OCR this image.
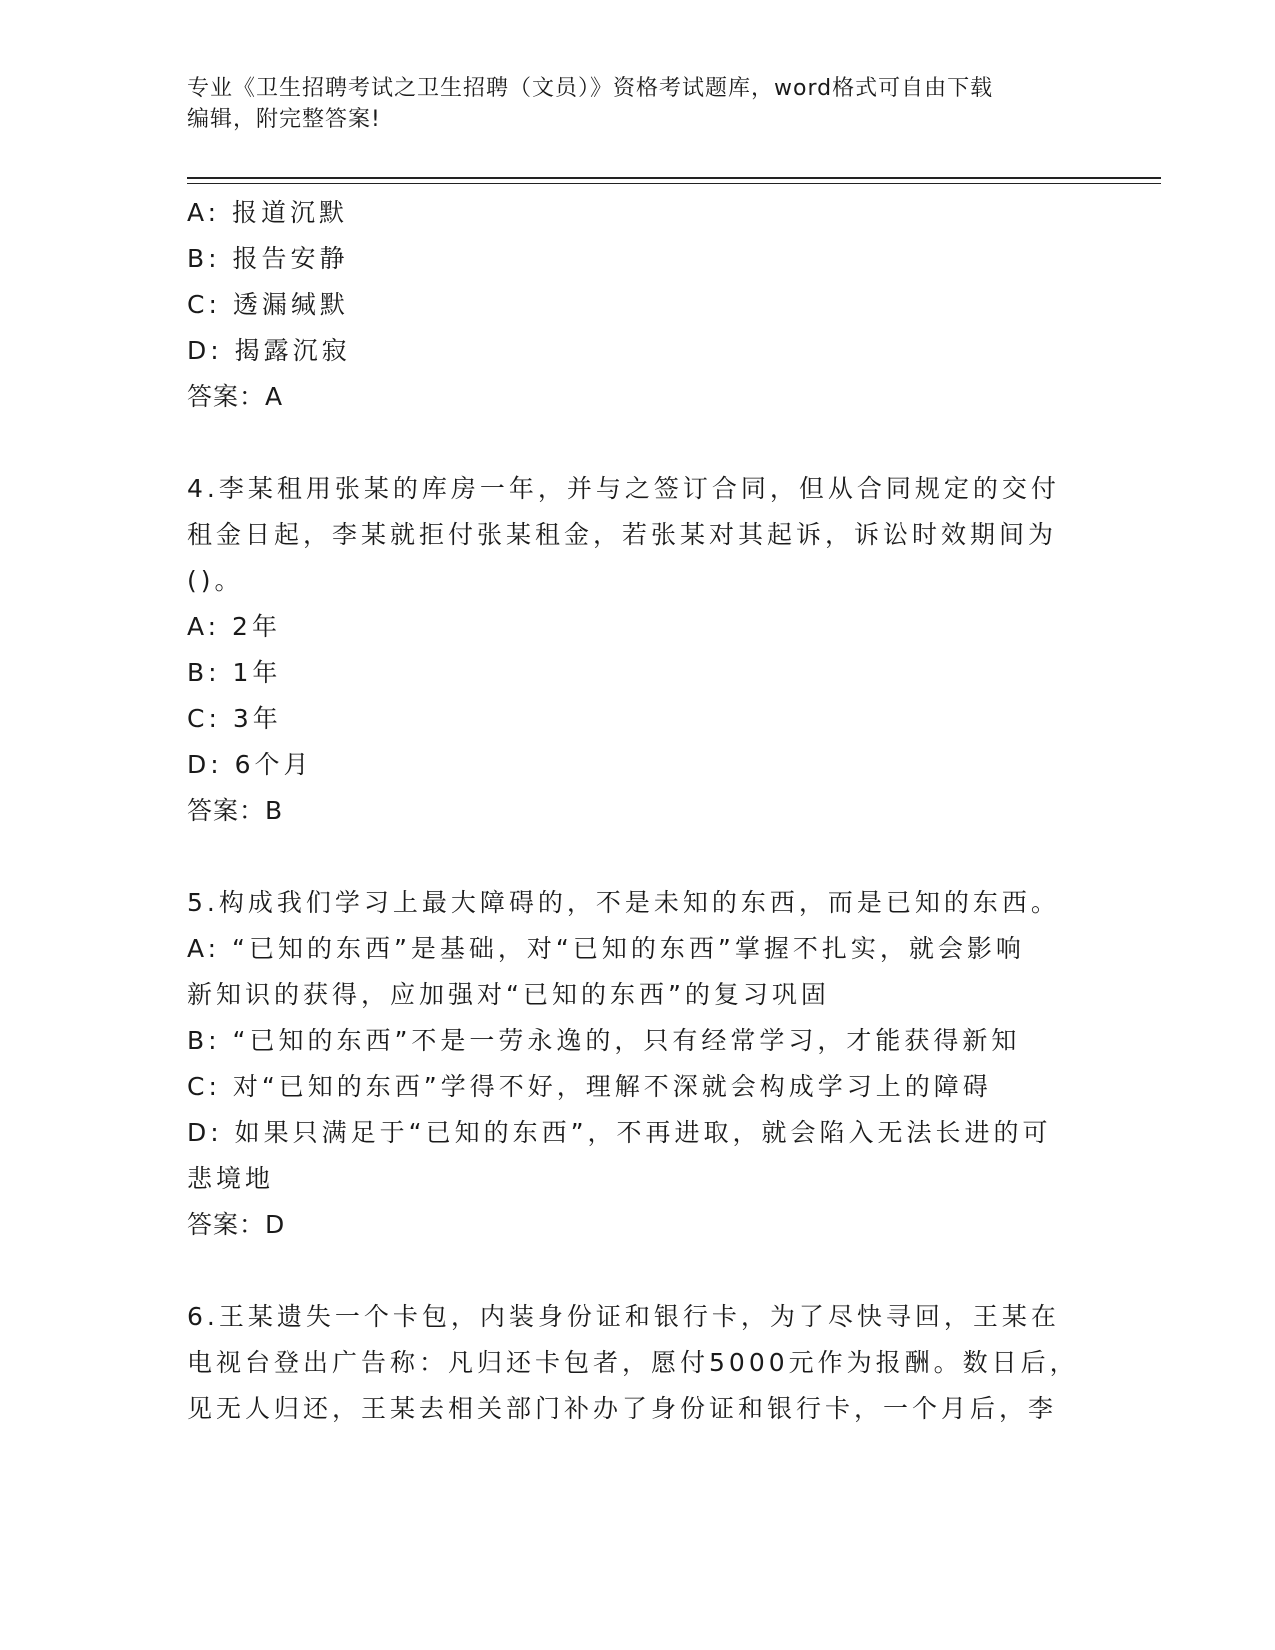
专业《卫生招聘考试之卫生招聘（文员）》资格考试题库，word格式可自由下载
编辑，附完整答案!
A: 报道沉默
B: 报告安静
C: 透漏缄默
D: 揭露沉寂
答案：A
4.李某租用张某的库房一年，并与之签订合同，但从合同规定的交付
租金日起，李某就拒付张某租金，若张某对其起诉，诉讼时效期间为
()。
A: 2年
B: 1年
C: 3年
D: 6个月
答案：B
5.构成我们学习上最大障碍的，不是未知的东西，而是已知的东西。
A: “已知的东西”是基础，对“已知的东西”掌握不扎实，就会影响
新知识的获得，应加强对“已知的东西”的复习巩固
B: “已知的东西”不是一劳永逸的，只有经常学习，才能获得新知
C: 对“已知的东西”学得不好，理解不深就会构成学习上的障碍
D: 如果只满足于“已知的东西”，不再进取，就会陷入无法长进的可
悲境地
答案：D
6.王某遗失一个卡包，内装身份证和银行卡，为了尽快寻回，王某在
电视台登出广告称：凡归还卡包者，愿付5000元作为报酬。数日后，
见无人归还，王某去相关部门补办了身份证和银行卡，一个月后，李
